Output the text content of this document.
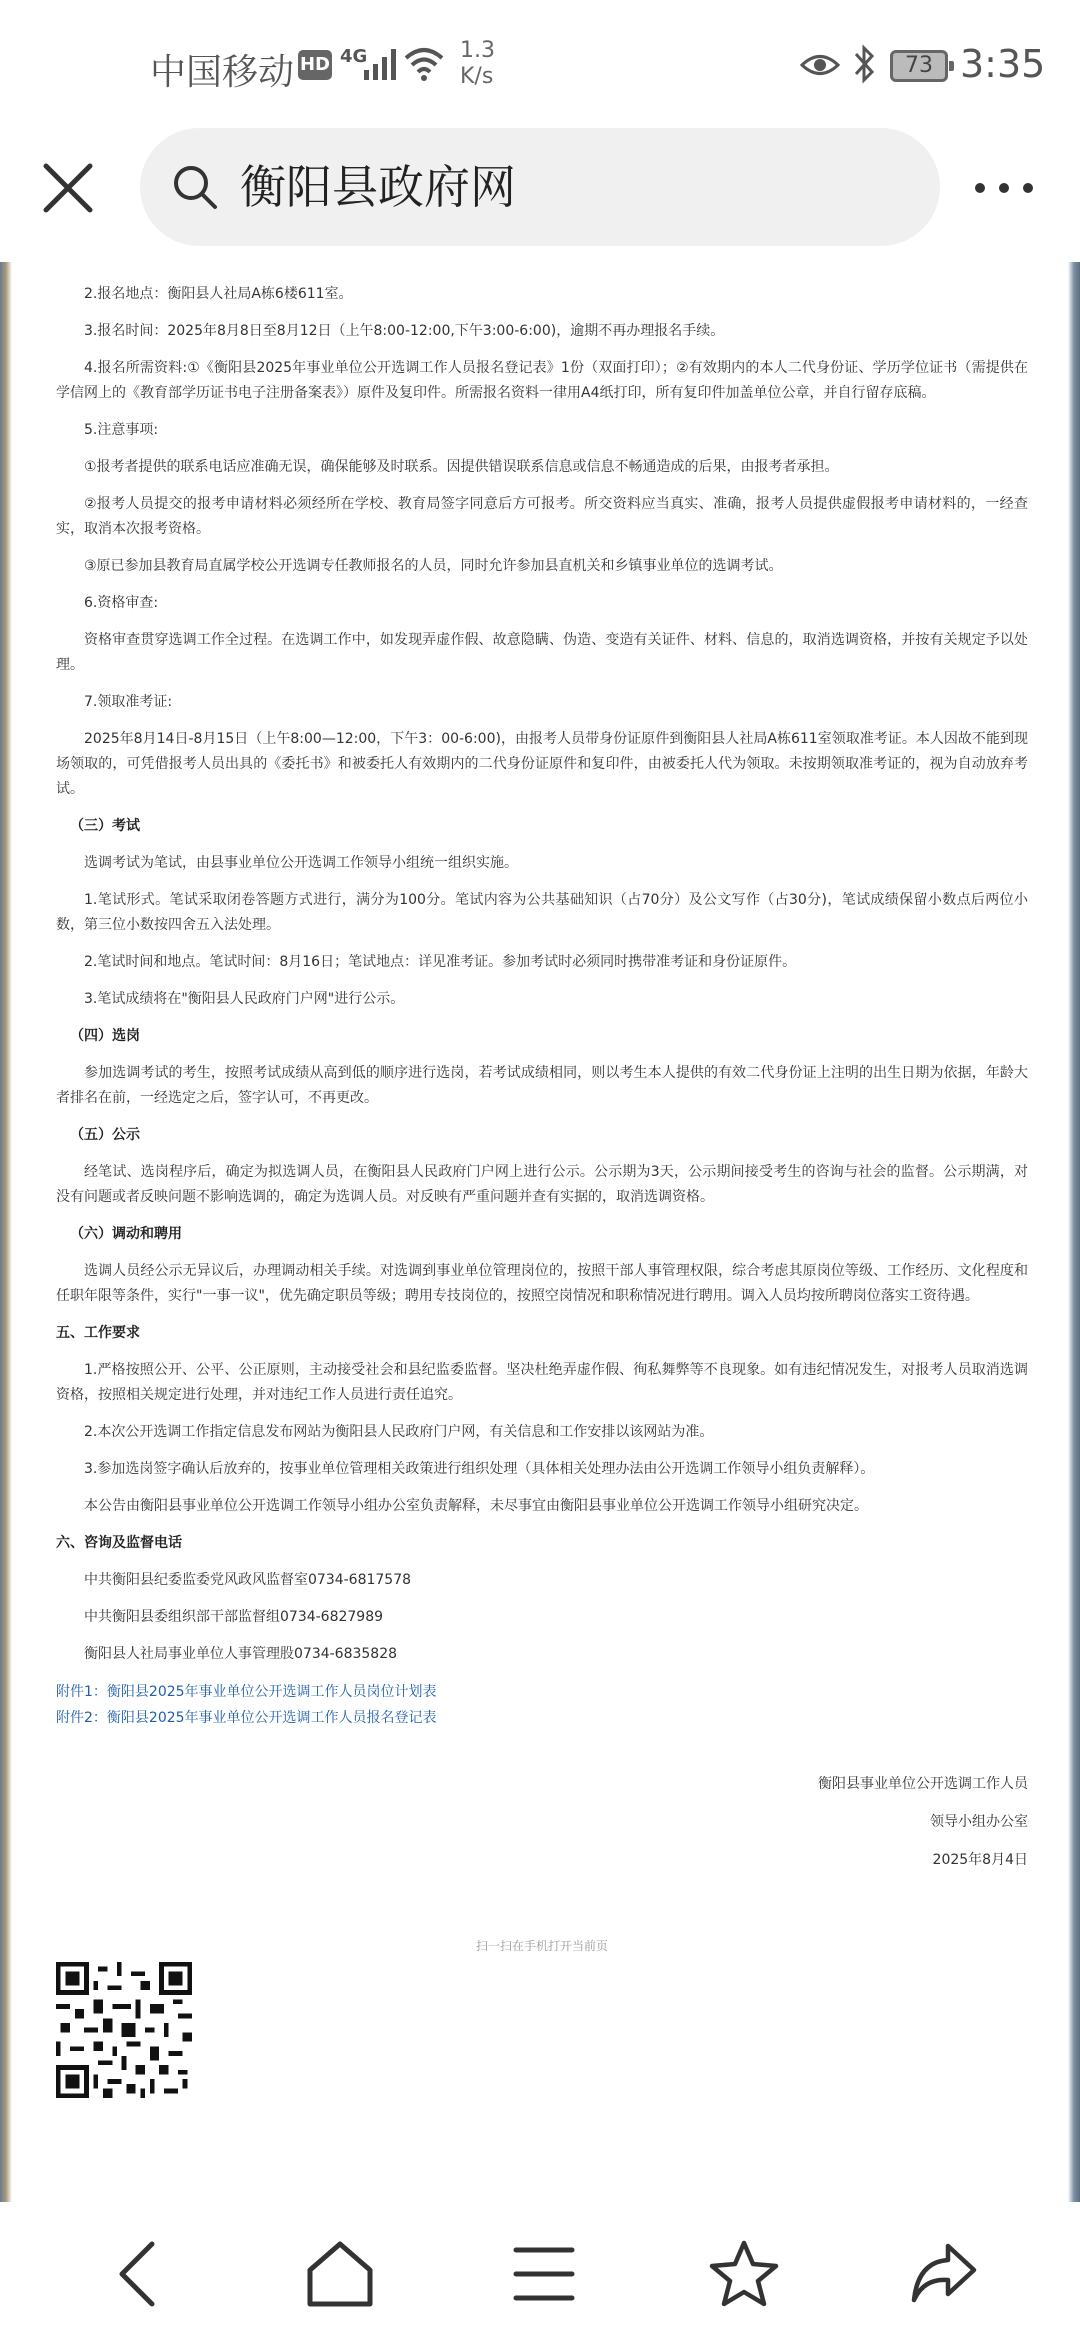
中国移动 HD 4G	1.3
K/s	73 3:35
衡阳县政府网

2.报名地点：衡阳县人社局A栋6楼611室。

3.报名时间：2025年8月8日至8月12日（上午8:00-12:00,下午3:00-6:00)，逾期不再办理报名手续。

4.报名所需资料:①《衡阳县2025年事业单位公开选调工作人员报名登记表》1份（双面打印）；②有效期内的本人二代身份证、学历学位证书（需提供在学信网上的《教育部学历证书电子注册备案表》）原件及复印件。所需报名资料一律用A4纸打印，所有复印件加盖单位公章，并自行留存底稿。

5.注意事项:

①报考者提供的联系电话应准确无误，确保能够及时联系。因提供错误联系信息或信息不畅通造成的后果，由报考者承担。

②报考人员提交的报考申请材料必须经所在学校、教育局签字同意后方可报考。所交资料应当真实、准确，报考人员提供虚假报考申请材料的，一经查实，取消本次报考资格。

③原已参加县教育局直属学校公开选调专任教师报名的人员，同时允许参加县直机关和乡镇事业单位的选调考试。

6.资格审查:

资格审查贯穿选调工作全过程。在选调工作中，如发现弄虚作假、故意隐瞒、伪造、变造有关证件、材料、信息的，取消选调资格，并按有关规定予以处理。

7.领取准考证:

2025年8月14日-8月15日（上午8:00—12:00，下午3：00-6:00)，由报考人员带身份证原件到衡阳县人社局A栋611室领取准考证。本人因故不能到现场领取的，可凭借报考人员出具的《委托书》和被委托人有效期内的二代身份证原件和复印件，由被委托人代为领取。未按期领取准考证的，视为自动放弃考试。

（三）考试

选调考试为笔试，由县事业单位公开选调工作领导小组统一组织实施。

1.笔试形式。笔试采取闭卷答题方式进行，满分为100分。笔试内容为公共基础知识（占70分）及公文写作（占30分)，笔试成绩保留小数点后两位小数，第三位小数按四舍五入法处理。

2.笔试时间和地点。笔试时间：8月16日；笔试地点：详见准考证。参加考试时必须同时携带准考证和身份证原件。

3.笔试成绩将在"衡阳县人民政府门户网"进行公示。

（四）选岗

参加选调考试的考生，按照考试成绩从高到低的顺序进行选岗，若考试成绩相同，则以考生本人提供的有效二代身份证上注明的出生日期为依据，年龄大者排名在前，一经选定之后，签字认可，不再更改。

（五）公示

经笔试、选岗程序后，确定为拟选调人员，在衡阳县人民政府门户网上进行公示。公示期为3天，公示期间接受考生的咨询与社会的监督。公示期满，对没有问题或者反映问题不影响选调的，确定为选调人员。对反映有严重问题并查有实据的，取消选调资格。

（六）调动和聘用

选调人员经公示无异议后，办理调动相关手续。对选调到事业单位管理岗位的，按照干部人事管理权限，综合考虑其原岗位等级、工作经历、文化程度和任职年限等条件，实行"一事一议"，优先确定职员等级；聘用专技岗位的，按照空岗情况和职称情况进行聘用。调入人员均按所聘岗位落实工资待遇。

五、工作要求

1.严格按照公开、公平、公正原则，主动接受社会和县纪监委监督。坚决杜绝弄虚作假、徇私舞弊等不良现象。如有违纪情况发生，对报考人员取消选调资格，按照相关规定进行处理，并对违纪工作人员进行责任追究。

2.本次公开选调工作指定信息发布网站为衡阳县人民政府门户网，有关信息和工作安排以该网站为准。

3.参加选岗签字确认后放弃的，按事业单位管理相关政策进行组织处理（具体相关处理办法由公开选调工作领导小组负责解释）。

本公告由衡阳县事业单位公开选调工作领导小组办公室负责解释，未尽事宜由衡阳县事业单位公开选调工作领导小组研究决定。

六、咨询及监督电话

中共衡阳县纪委监委党风政风监督室0734-6817578

中共衡阳县委组织部干部监督组0734-6827989

衡阳县人社局事业单位人事管理股0734-6835828

附件1：衡阳县2025年事业单位公开选调工作人员岗位计划表

附件2：衡阳县2025年事业单位公开选调工作人员报名登记表

衡阳县事业单位公开选调工作人员

领导小组办公室

2025年8月4日

扫一扫在手机打开当前页
